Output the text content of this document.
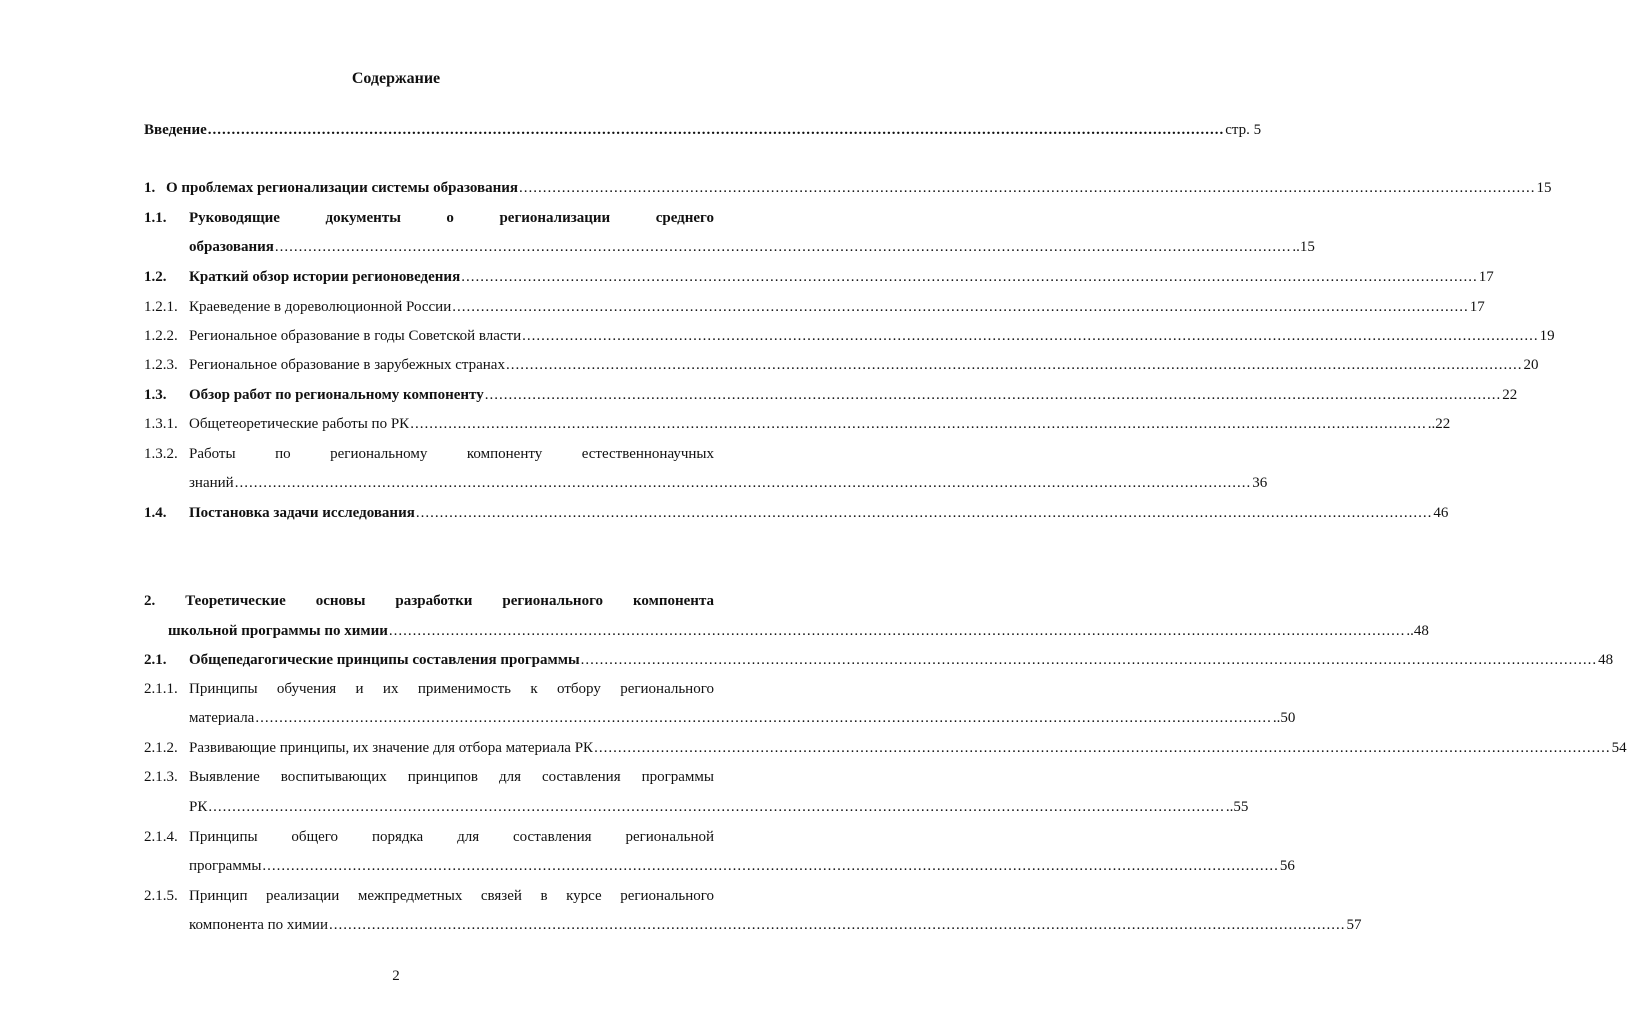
Содержание
Введение .....	стр. 5
1. О проблемах регионализации системы образования .....	15
1.1.	Руководящие документы о регионализации среднего
образования .....	..15
1.2.	Краткий обзор истории регионоведения .....	17
1.2.1. Краеведение в дореволюционной России .....	17
1.2.2. Региональное образование в годы Советской власти .....	19
1.2.3. Региональное образование в зарубежных странах .....	20
1.3.	Обзор работ по региональному компоненту .....	22
1.3.1. Общетеоретические работы по РК .....	..22
1.3.2. Работы по региональному компоненту естественнонаучных
знаний .....	36
1.4.	Постановка задачи исследования .....	46
2. Теоретические основы разработки регионального компонента
школьной программы по химии .....	..48
2.1.	Общепедагогические принципы составления программы .....	48
2.1.1. Принципы обучения и их применимость к отбору регионального
материала .....	..50
2.1.2. Развивающие принципы, их значение для отбора материала РК .....	54
2.1.3. Выявление воспитывающих принципов для составления программы
РК .....	..55
2.1.4. Принципы общего порядка для составления региональной
программы .....	56
2.1.5. Принцип реализации межпредметных связей в курсе регионального
компонента по химии .....	57
2
